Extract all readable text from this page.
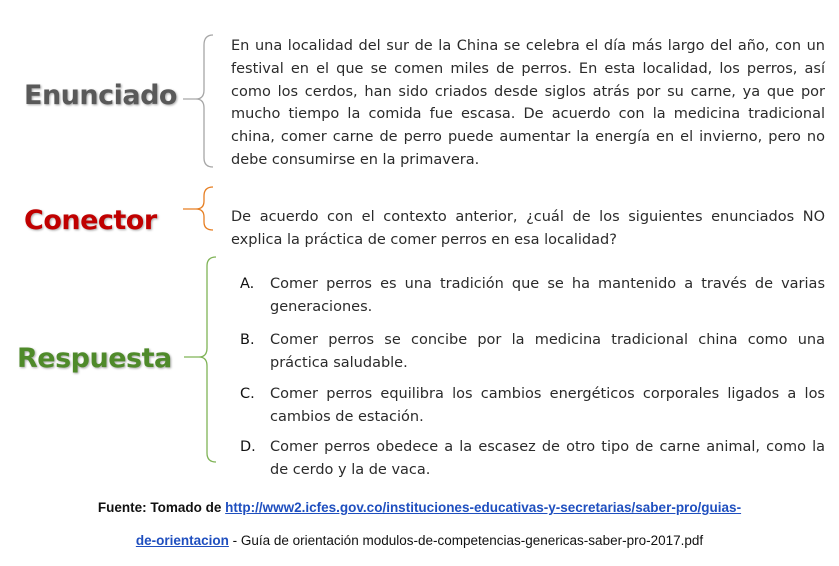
Enunciado
Conector
Respuesta
En una localidad del sur de la China se celebra el día más largo del año, con un festival en el que se comen miles de perros. En esta localidad, los perros, así como los cerdos, han sido criados desde siglos atrás por su carne, ya que por mucho tiempo la comida fue escasa. De acuerdo con la medicina tradicional china, comer carne de perro puede aumentar la energía en el invierno, pero no debe consumirse en la primavera.
De acuerdo con el contexto anterior, ¿cuál de los siguientes enunciados NO explica la práctica de comer perros en esa localidad?
A.	Comer perros es una tradición que se ha mantenido a través de varias generaciones.
B.	Comer perros se concibe por la medicina tradicional china como una práctica saludable.
C.	Comer perros equilibra los cambios energéticos corporales ligados a los cambios de estación.
D. Comer perros obedece a la escasez de otro tipo de carne animal, como la de cerdo y la de vaca.
Fuente: Tomado de http://www2.icfes.gov.co/instituciones-educativas-y-secretarias/saber-pro/guias-
de-orientacion - Guía de orientación modulos-de-competencias-genericas-saber-pro-2017.pdf
